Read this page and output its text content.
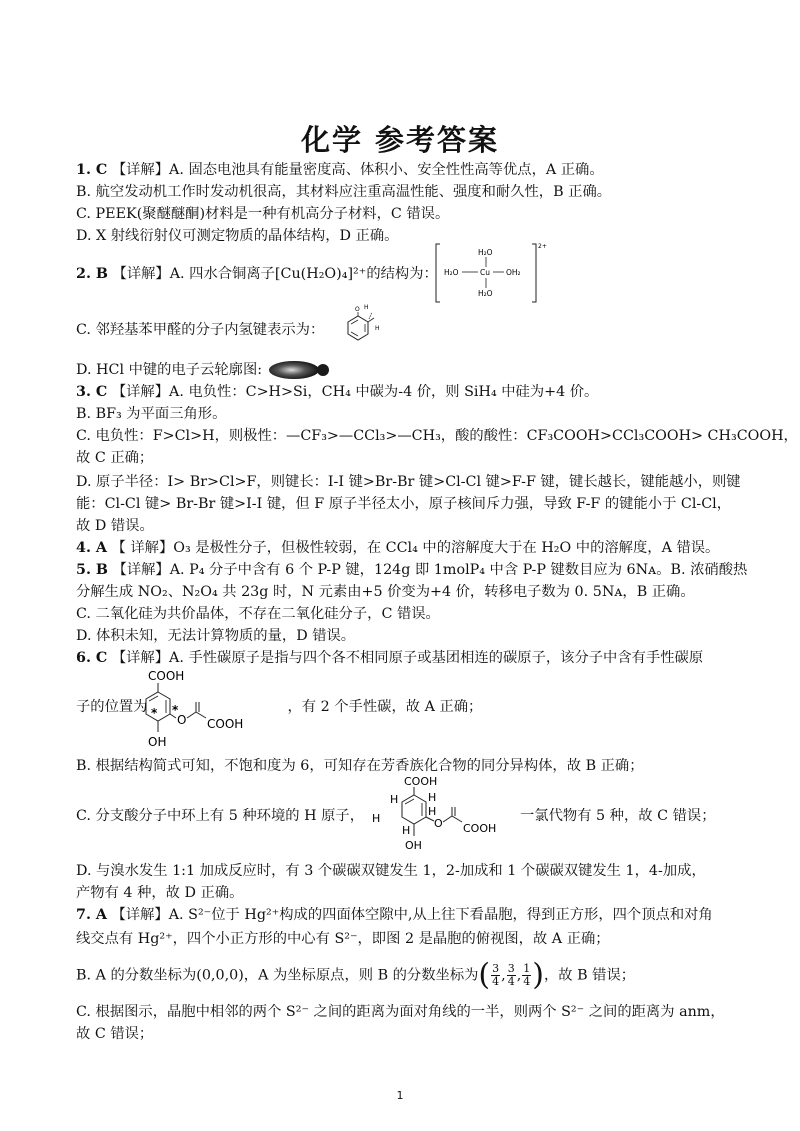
化学 参考答案
1. C 【详解】A. 固态电池具有能量密度高、体积小、安全性性高等优点，A 正确。
B. 航空发动机工作时发动机很高，其材料应注重高温性能、强度和耐久性，B 正确。
C. PEEK(聚醚醚酮)材料是一种有机高分子材料，C 错误。
D. X 射线衍射仪可测定物质的晶体结构，D 正确。
2. B 【详解】A. 四水合铜离子[Cu(H₂O)₄]²⁺的结构为：
2+
H₂O
H₂O	Cu OH₂
H₂O
C. 邻羟基苯甲醛的分子内氢键表示为：
O H
H
D. HCl 中键的电子云轮廓图:
3. C 【详解】A. 电负性：C>H>Si，CH₄ 中碳为-4 价，则 SiH₄ 中硅为+4 价。
B. BF₃ 为平面三角形。
C. 电负性：F>Cl>H，则极性：—CF₃>—CCl₃>—CH₃，酸的酸性：CF₃COOH>CCl₃COOH> CH₃COOH，
故 C 正确；
D. 原子半径：I> Br>Cl>F，则键长：I-I 键>Br-Br 键>Cl-Cl 键>F-F 键，键长越长，键能越小，则键
能：Cl-Cl 键> Br-Br 键>I-I 键，但 F 原子半径太小，原子核间斥力强，导致 F-F 的键能小于 Cl-Cl，
故 D 错误。
4. A 【 详解】O₃ 是极性分子，但极性较弱，在 CCl₄ 中的溶解度大于在 H₂O 中的溶解度，A 错误。
5. B 【详解】A. P₄ 分子中含有 6 个 P-P 键，124g 即 1molP₄ 中含 P-P 键数目应为 6Nᴀ。B. 浓硝酸热
分解生成 NO₂、N₂O₄ 共 23g 时，N 元素由+5 价变为+4 价，转移电子数为 0. 5Nᴀ，B 正确。
C. 二氧化硅为共价晶体，不存在二氧化硅分子，C 错误。
D. 体积未知，无法计算物质的量，D 错误。
6. C 【详解】A. 手性碳原子是指与四个各不相同原子或基团相连的碳原子，该分子中含有手性碳原
COOH
* *
O COOH
OH
子的位置为	，有 2 个手性碳，故 A 正确；
B. 根据结构简式可知，不饱和度为 6，可知存在芳香族化合物的同分异构体，故 B 正确；
C. 分支酸分子中环上有 5 种环境的 H 原子，	一氯代物有 5 种，故 C 错误；
COOH
H
H
H
H
H
O COOH
OH
D. 与溴水发生 1:1 加成反应时，有 3 个碳碳双键发生 1，2-加成和 1 个碳碳双键发生 1，4-加成，
产物有 4 种，故 D 正确。
7. A 【详解】A. S²⁻位于 Hg²⁺构成的四面体空隙中,从上往下看晶胞，得到正方形，四个顶点和对角
线交点有 Hg²⁺，四个小正方形的中心有 S²⁻，即图 2 是晶胞的俯视图，故 A 正确；
B. A 的分数坐标为(0,0,0)，A 为坐标原点，则 B 的分数坐标为( $\frac{3}{4}$ , $\frac{3}{4}$ , $\frac{1}{4}$ )，故 B 错误；
C. 根据图示，晶胞中相邻的两个 S²⁻ 之间的距离为面对角线的一半，则两个 S²⁻ 之间的距离为 anm，
故 C 错误；
1
